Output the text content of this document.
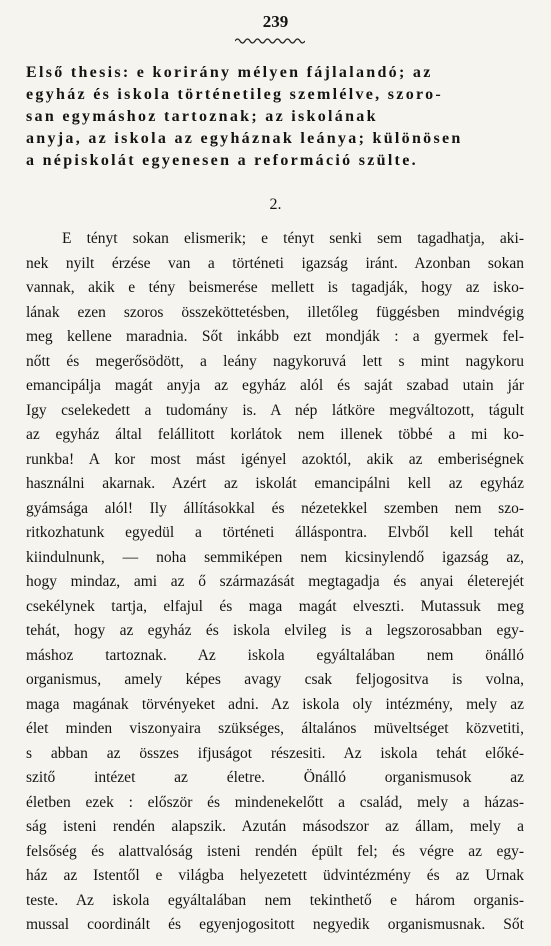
239
Első thesis: e korirány mélyen fájlalandó; az
egyház és iskola történetileg szemlélve, szoro-
san egymáshoz tartoznak; az iskolának
anyja, az iskola az egyháznak leánya; különösen
a népiskolát egyenesen a reformáció szülte.
2.
E tényt sokan elismerik; e tényt senki sem tagadhatja, aki-
nek nyilt érzése van a történeti igazság iránt. Azonban sokan
vannak, akik e tény beismerése mellett is tagadják, hogy az isko-
lának ezen szoros összeköttetésben, illetőleg függésben mindvégig
meg kellene maradnia. Sőt inkább ezt mondják : a gyermek fel-
nőtt és megerősödött, a leány nagykoruvá lett s mint nagykoru
emancipálja magát anyja az egyház alól és saját szabad utain jár
Igy cselekedett a tudomány is. A nép látköre megváltozott, tágult
az egyház által felállitott korlátok nem illenek többé a mi ko-
runkba! A kor most mást igényel azoktól, akik az emberiségnek
használni akarnak. Azért az iskolát emancipálni kell az egyház
gyámsága alól! Ily állításokkal és nézetekkel szemben nem szo-
ritkozhatunk egyedül a történeti álláspontra. Elvből kell tehát
kiindulnunk, — noha semmiképen nem kicsinylendő igazság az,
hogy mindaz, ami az ő származását megtagadja és anyai életerejét
csekélynek tartja, elfajul és maga magát elveszti. Mutassuk meg
tehát, hogy az egyház és iskola elvileg is a legszorosabban egy-
máshoz tartoznak. Az iskola egyáltalában nem önálló
organismus, amely képes avagy csak feljogositva is volna,
maga magának törvényeket adni. Az iskola oly intézmény, mely az
élet minden viszonyaira szükséges, általános müveltséget közvetiti,
s abban az összes ifjuságot részesiti. Az iskola tehát előké-
szitő intézet az életre. Önálló organismusok az
életben ezek : először és mindenekelőtt a család, mely a házas-
ság isteni rendén alapszik. Azután másodszor az állam, mely a
felsőség és alattvalóság isteni rendén épült fel; és végre az egy-
ház az Istentől e világba helyezetett üdvintézmény és az Urnak
teste. Az iskola egyáltalában nem tekinthető e három organis-
mussal coordinált és egyenjogositott negyedik organismusnak. Sőt
